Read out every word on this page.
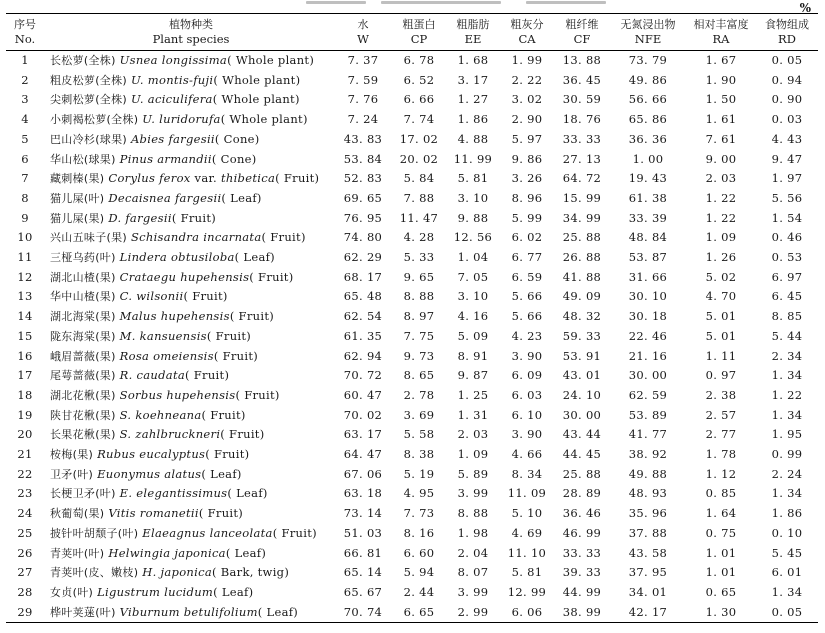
%
序号	植物种类	水	粗蛋白	粗脂肪	粗灰分	粗纤维	无氮浸出物	相对丰富度	食物组成
No.	Plant species	W	CP	EE	CA	CF	NFE	RA	RD
1	长松萝(全株) Usnea longissima( Whole plant)	7. 37	6. 78	1. 68	1. 99	13. 88	73. 79	1. 67	0. 05
2	粗皮松萝(全株) U. montis-fuji( Whole plant)	7. 59	6. 52	3. 17	2. 22	36. 45	49. 86	1. 90	0. 94
3	尖刺松萝(全株) U. aciculifera( Whole plant)	7. 76	6. 66	1. 27	3. 02	30. 59	56. 66	1. 50	0. 90
4	小刺褐松萝(全株) U. luridorufa( Whole plant)	7. 24	7. 74	1. 86	2. 90	18. 76	65. 86	1. 61	0. 03
5	巴山冷杉(球果) Abies fargesii( Cone)	43. 83	17. 02	4. 88	5. 97	33. 33	36. 36	7. 61	4. 43
6	华山松(球果) Pinus armandii( Cone)	53. 84	20. 02	11. 99	9. 86	27. 13	1. 00	9. 00	9. 47
7	藏刺榛(果) Corylus ferox var. thibetica( Fruit)	52. 83	5. 84	5. 81	3. 26	64. 72	19. 43	2. 03	1. 97
8	猫儿屎(叶) Decaisnea fargesii( Leaf)	69. 65	7. 88	3. 10	8. 96	15. 99	61. 38	1. 22	5. 56
9	猫儿屎(果) D. fargesii( Fruit)	76. 95	11. 47	9. 88	5. 99	34. 99	33. 39	1. 22	1. 54
10	兴山五味子(果) Schisandra incarnata( Fruit)	74. 80	4. 28	12. 56	6. 02	25. 88	48. 84	1. 09	0. 46
11	三桠乌药(叶) Lindera obtusiloba( Leaf)	62. 29	5. 33	1. 04	6. 77	26. 88	53. 87	1. 26	0. 53
12	湖北山楂(果) Crataegu hupehensis( Fruit)	68. 17	9. 65	7. 05	6. 59	41. 88	31. 66	5. 02	6. 97
13	华中山楂(果) C. wilsonii( Fruit)	65. 48	8. 88	3. 10	5. 66	49. 09	30. 10	4. 70	6. 45
14	湖北海棠(果) Malus hupehensis( Fruit)	62. 54	8. 97	4. 16	5. 66	48. 32	30. 18	5. 01	8. 85
15	陇东海棠(果) M. kansuensis( Fruit)	61. 35	7. 75	5. 09	4. 23	59. 33	22. 46	5. 01	5. 44
16	峨眉蔷薇(果) Rosa omeiensis( Fruit)	62. 94	9. 73	8. 91	3. 90	53. 91	21. 16	1. 11	2. 34
17	尾萼蔷薇(果) R. caudata( Fruit)	70. 72	8. 65	9. 87	6. 09	43. 01	30. 00	0. 97	1. 34
18	湖北花楸(果) Sorbus hupehensis( Fruit)	60. 47	2. 78	1. 25	6. 03	24. 10	62. 59	2. 38	1. 22
19	陕甘花楸(果) S. koehneana( Fruit)	70. 02	3. 69	1. 31	6. 10	30. 00	53. 89	2. 57	1. 34
20	长果花楸(果) S. zahlbruckneri( Fruit)	63. 17	5. 58	2. 03	3. 90	43. 44	41. 77	2. 77	1. 95
21	桉梅(果) Rubus eucalyptus( Fruit)	64. 47	8. 38	1. 09	4. 66	44. 45	38. 92	1. 78	0. 99
22	卫矛(叶) Euonymus alatus( Leaf)	67. 06	5. 19	5. 89	8. 34	25. 88	49. 88	1. 12	2. 24
23	长梗卫矛(叶) E. elegantissimus( Leaf)	63. 18	4. 95	3. 99	11. 09	28. 89	48. 93	0. 85	1. 34
24	秋葡萄(果) Vitis romanetii( Fruit)	73. 14	7. 73	8. 88	5. 10	36. 46	35. 96	1. 64	1. 86
25	披针叶胡颓子(叶) Elaeagnus lanceolata( Fruit)	51. 03	8. 16	1. 98	4. 69	46. 99	37. 88	0. 75	0. 10
26	青荚叶(叶) Helwingia japonica( Leaf)	66. 81	6. 60	2. 04	11. 10	33. 33	43. 58	1. 01	5. 45
27	青荚叶(皮、嫩枝) H. japonica( Bark, twig)	65. 14	5. 94	8. 07	5. 81	39. 33	37. 95	1. 01	6. 01
28	女贞(叶) Ligustrum lucidum( Leaf)	65. 67	2. 44	3. 99	12. 99	44. 99	34. 01	0. 65	1. 34
29	桦叶荚蒾(叶) Viburnum betulifolium( Leaf)	70. 74	6. 65	2. 99	6. 06	38. 99	42. 17	1. 30	0. 05
